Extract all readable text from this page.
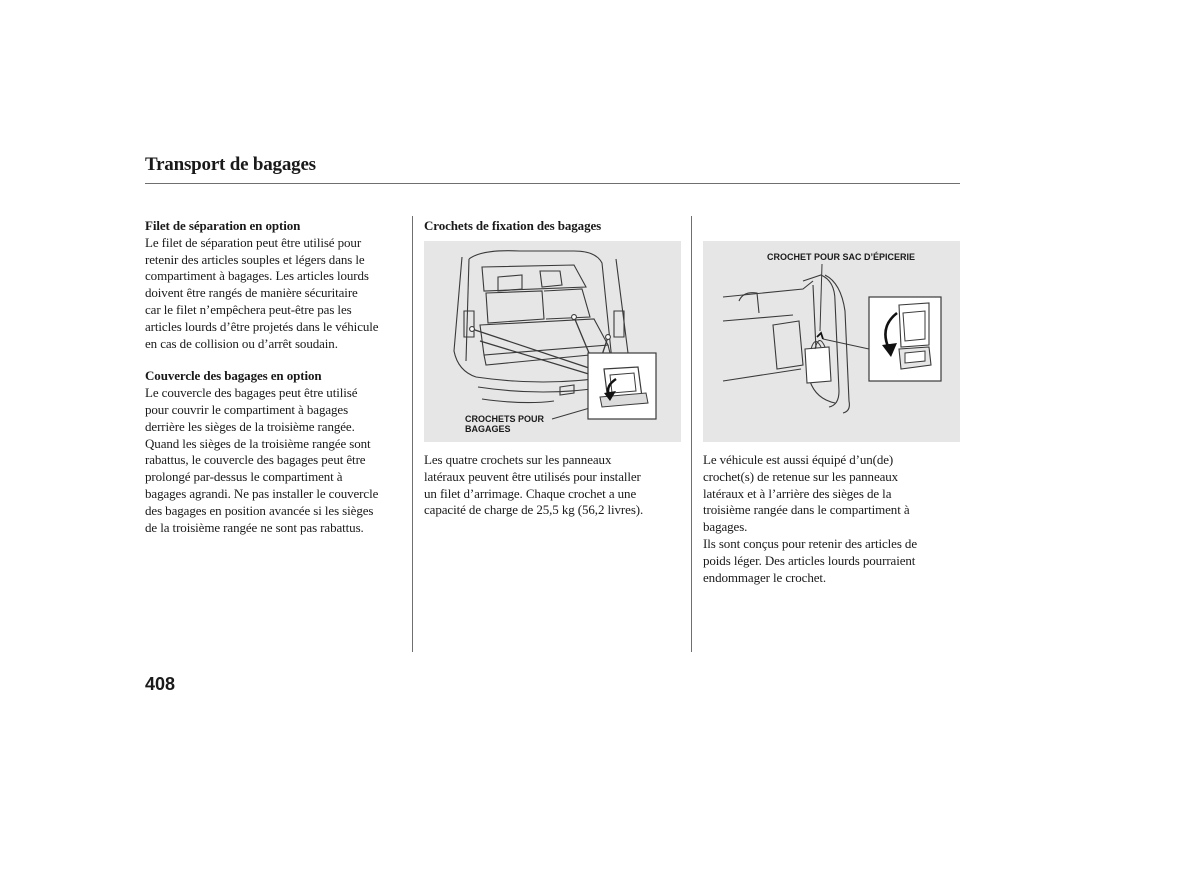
Transport de bagages

Filet de séparation en option

Le filet de séparation peut être utilisé pour
retenir des articles souples et légers dans le
compartiment à bagages. Les articles lourds
doivent être rangés de manière sécuritaire
car le filet n’empêchera peut-être pas les
articles lourds d’être projetés dans le véhicule
en cas de collision ou d’arrêt soudain.

Couvercle des bagages en option

Le couvercle des bagages peut être utilisé
pour couvrir le compartiment à bagages
derrière les sièges de la troisième rangée.
Quand les sièges de la troisième rangée sont
rabattus, le couvercle des bagages peut être
prolongé par-dessus le compartiment à
bagages agrandi. Ne pas installer le couvercle
des bagages en position avancée si les sièges
de la troisième rangée ne sont pas rabattus.

Crochets de fixation des bagages

CROCHETS POUR
BAGAGES

Les quatre crochets sur les panneaux
latéraux peuvent être utilisés pour installer
un filet d’arrimage. Chaque crochet a une
capacité de charge de 25,5 kg (56,2 livres).

CROCHET POUR SAC D’ÉPICERIE

Le véhicule est aussi équipé d’un(de)
crochet(s) de retenue sur les panneaux
latéraux et à l’arrière des sièges de la
troisième rangée dans le compartiment à
bagages.
Ils sont conçus pour retenir des articles de
poids léger. Des articles lourds pourraient
endommager le crochet.

408
